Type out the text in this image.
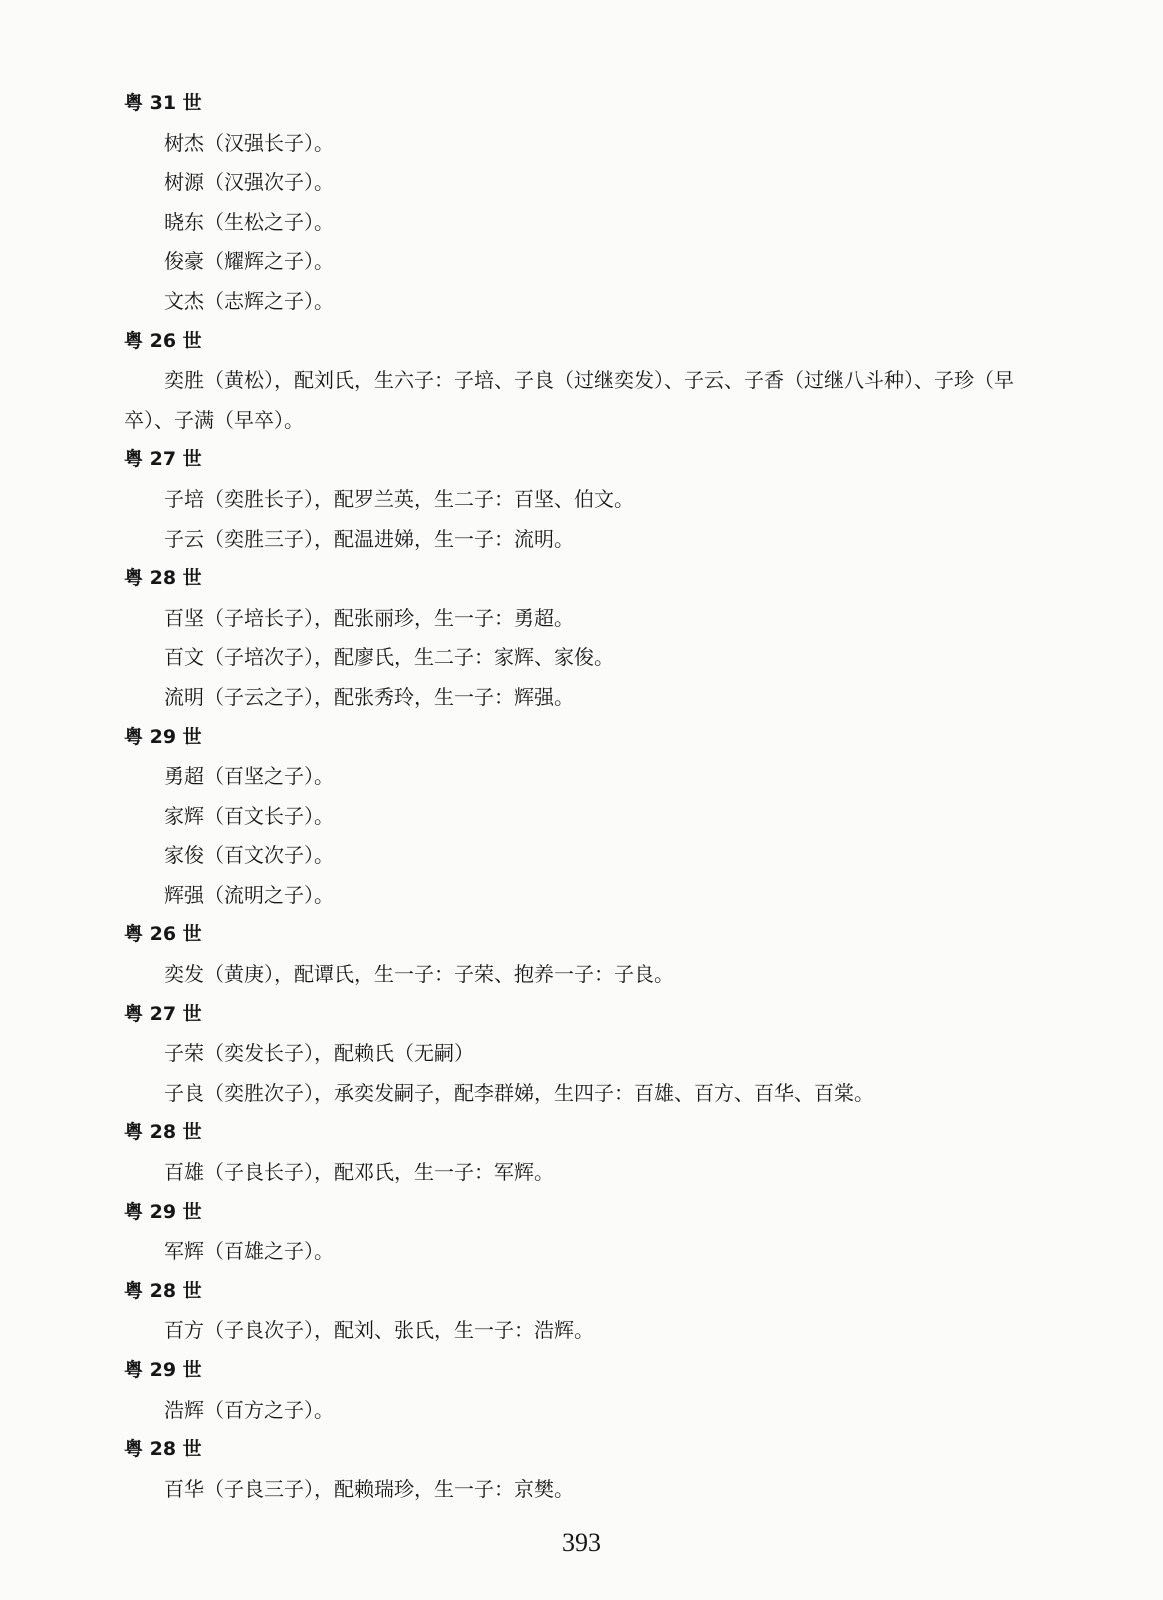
粤 31 世
树杰（汉强长子）。
树源（汉强次子）。
晓东（生松之子）。
俊豪（耀辉之子）。
文杰（志辉之子）。
粤 26 世
奕胜（黄松），配刘氏，生六子：子培、子良（过继奕发）、子云、子香（过继八斗种）、子珍（早
卒）、子满（早卒）。
粤 27 世
子培（奕胜长子），配罗兰英，生二子：百坚、伯文。
子云（奕胜三子），配温进娣，生一子：流明。
粤 28 世
百坚（子培长子），配张丽珍，生一子：勇超。
百文（子培次子），配廖氏，生二子：家辉、家俊。
流明（子云之子），配张秀玲，生一子：辉强。
粤 29 世
勇超（百坚之子）。
家辉（百文长子）。
家俊（百文次子）。
辉强（流明之子）。
粤 26 世
奕发（黄庚），配谭氏，生一子：子荣、抱养一子：子良。
粤 27 世
子荣（奕发长子），配赖氏（无嗣）
子良（奕胜次子），承奕发嗣子，配李群娣，生四子：百雄、百方、百华、百棠。
粤 28 世
百雄（子良长子），配邓氏，生一子：军辉。
粤 29 世
军辉（百雄之子）。
粤 28 世
百方（子良次子），配刘、张氏，生一子：浩辉。
粤 29 世
浩辉（百方之子）。
粤 28 世
百华（子良三子），配赖瑞珍，生一子：京樊。
393
